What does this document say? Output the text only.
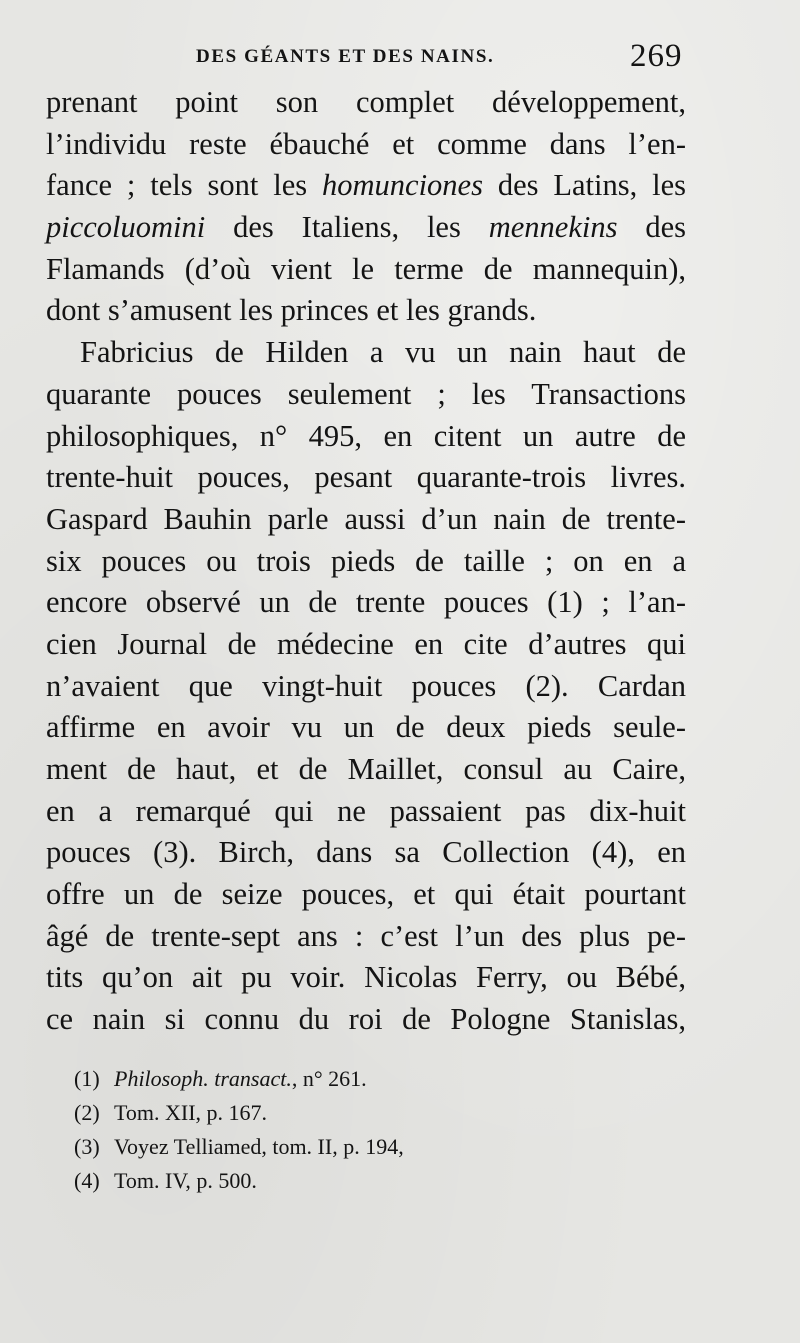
DES GÉANTS ET DES NAINS.	269
prenant point son complet développement,
l’individu reste ébauché et comme dans l’en-
fance ; tels sont les homunciones des Latins, les
piccoluomini des Italiens, les mennekins des
Flamands (d’où vient le terme de mannequin),
dont s’amusent les princes et les grands.
Fabricius de Hilden a vu un nain haut de
quarante pouces seulement ; les Transactions
philosophiques, n° 495, en citent un autre de
trente-huit pouces, pesant quarante-trois livres.
Gaspard Bauhin parle aussi d’un nain de trente-
six pouces ou trois pieds de taille ; on en a
encore observé un de trente pouces (1) ; l’an-
cien Journal de médecine en cite d’autres qui
n’avaient que vingt-huit pouces (2). Cardan
affirme en avoir vu un de deux pieds seule-
ment de haut, et de Maillet, consul au Caire,
en a remarqué qui ne passaient pas dix-huit
pouces (3). Birch, dans sa Collection (4), en
offre un de seize pouces, et qui était pourtant
âgé de trente-sept ans : c’est l’un des plus pe-
tits qu’on ait pu voir. Nicolas Ferry, ou Bébé,
ce nain si connu du roi de Pologne Stanislas,
(1) Philosoph. transact., n° 261.
(2) Tom. XII, p. 167.
(3) Voyez Telliamed, tom. II, p. 194,
(4) Tom. IV, p. 500.
